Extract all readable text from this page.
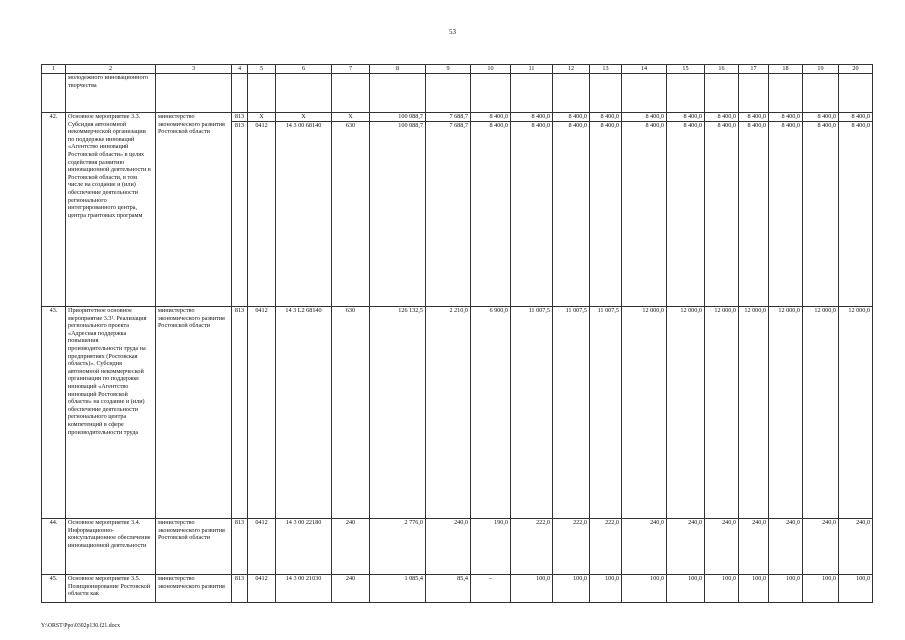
53
1	2	3	4	5	6	7	8	9	10	11	12	13	14	15	16	17	18	19	20
	молодежного инновационного творчества																		
42.	Основное мероприятие 3.3. Субсидия автономной некоммерческой организации по поддержке инноваций «Агентство инноваций Ростовской области» в целях содействия развитию инновационной деятельности в Ростовской области, в том числе на создание и (или) обеспечение деятельности регионального интегрированного центра, центра грантовых программ	министерство экономического развития Ростовской области	813	X	X	X	100 088,7	7 688,7	8 400,0	8 400,0	8 400,0	8 400,0	8 400,0	8 400,0	8 400,0	8 400,0	8 400,0	8 400,0	8 400,0
			813	0412	14 3 00 68140	630	100 088,7	7 688,7	8 400,0	8 400,0	8 400,0	8 400,0	8 400,0	8 400,0	8 400,0	8 400,0	8 400,0	8 400,0	8 400,0
43.	Приоритетное основное мероприятие 3.3¹. Реализация регионального проекта «Адресная поддержка повышения производительности труда на предприятиях (Ростовская область)». Субсидия автономной некоммерческой организации по поддержке инноваций «Агентство инноваций Ростовской области» на создание и (или) обеспечение деятельности регионального центра компетенций в сфере производительности труда	министерство экономического развития Ростовской области	813	0412	14 3 L2 68140	630	126 132,5	2 210,0	6 900,0	11 007,5	11 007,5	11 007,5	12 000,0	12 000,0	12 000,0	12 000,0	12 000,0	12 000,0	12 000,0
44.	Основное мероприятие 3.4. Информационно-консультационное обеспечение инновационной деятельности	министерство экономического развития Ростовской области	813	0412	14 3 00 22180	240	2 776,0	240,0	190,0	222,0	222,0	222,0	240,0	240,0	240,0	240,0	240,0	240,0	240,0
45.	Основное мероприятие 3.5. Позиционирование Ростовской области как	министерство экономического развития	813	0412	14 3 00 21030	240	1 085,4	85,4	–	100,0	100,0	100,0	100,0	100,0	100,0	100,0	100,0	100,0	100,0
Y:\ORST\Ppo\0302p130.f21.docx
